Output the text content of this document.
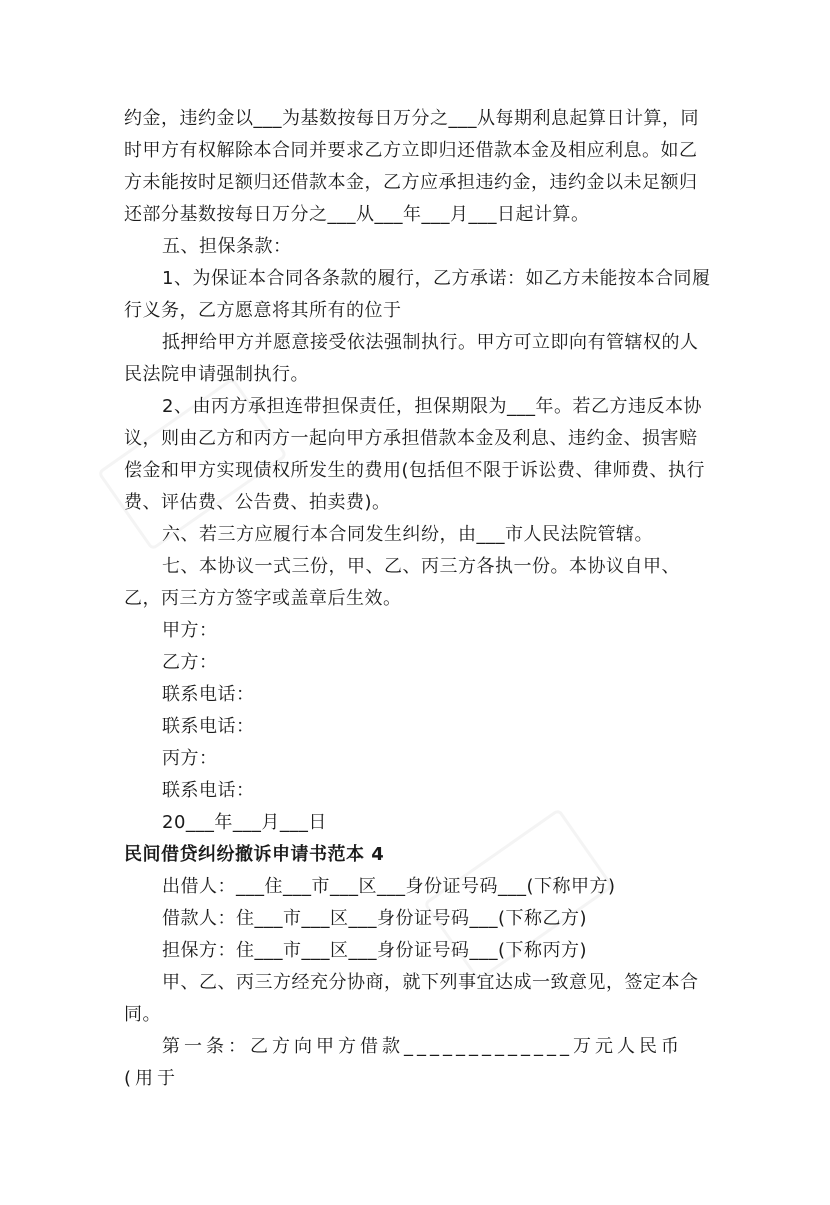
约金，违约金以___为基数按每日万分之___从每期利息起算日计算，同时甲方有权解除本合同并要求乙方立即归还借款本金及相应利息。如乙方未能按时足额归还借款本金，乙方应承担违约金，违约金以未足额归还部分基数按每日万分之___从___年___月___日起计算。

五、担保条款：

1、为保证本合同各条款的履行，乙方承诺：如乙方未能按本合同履行义务，乙方愿意将其所有的位于

抵押给甲方并愿意接受依法强制执行。甲方可立即向有管辖权的人民法院申请强制执行。

2、由丙方承担连带担保责任，担保期限为___年。若乙方违反本协议，则由乙方和丙方一起向甲方承担借款本金及利息、违约金、损害赔偿金和甲方实现债权所发生的费用(包括但不限于诉讼费、律师费、执行费、评估费、公告费、拍卖费)。

六、若三方应履行本合同发生纠纷，由___市人民法院管辖。

七、本协议一式三份，甲、乙、丙三方各执一份。本协议自甲、乙，丙三方方签字或盖章后生效。

甲方：

乙方：

联系电话：

联系电话：

丙方：

联系电话：

20___年___月___日

民间借贷纠纷撤诉申请书范本 4

出借人：___住___市___区___身份证号码___(下称甲方)

借款人：住___市___区___身份证号码___(下称乙方)

担保方：住___市___区___身份证号码___(下称丙方)

甲、乙、丙三方经充分协商，就下列事宜达成一致意见，签定本合同。

第一条：乙方向甲方借款_____________万元人民币(用于
